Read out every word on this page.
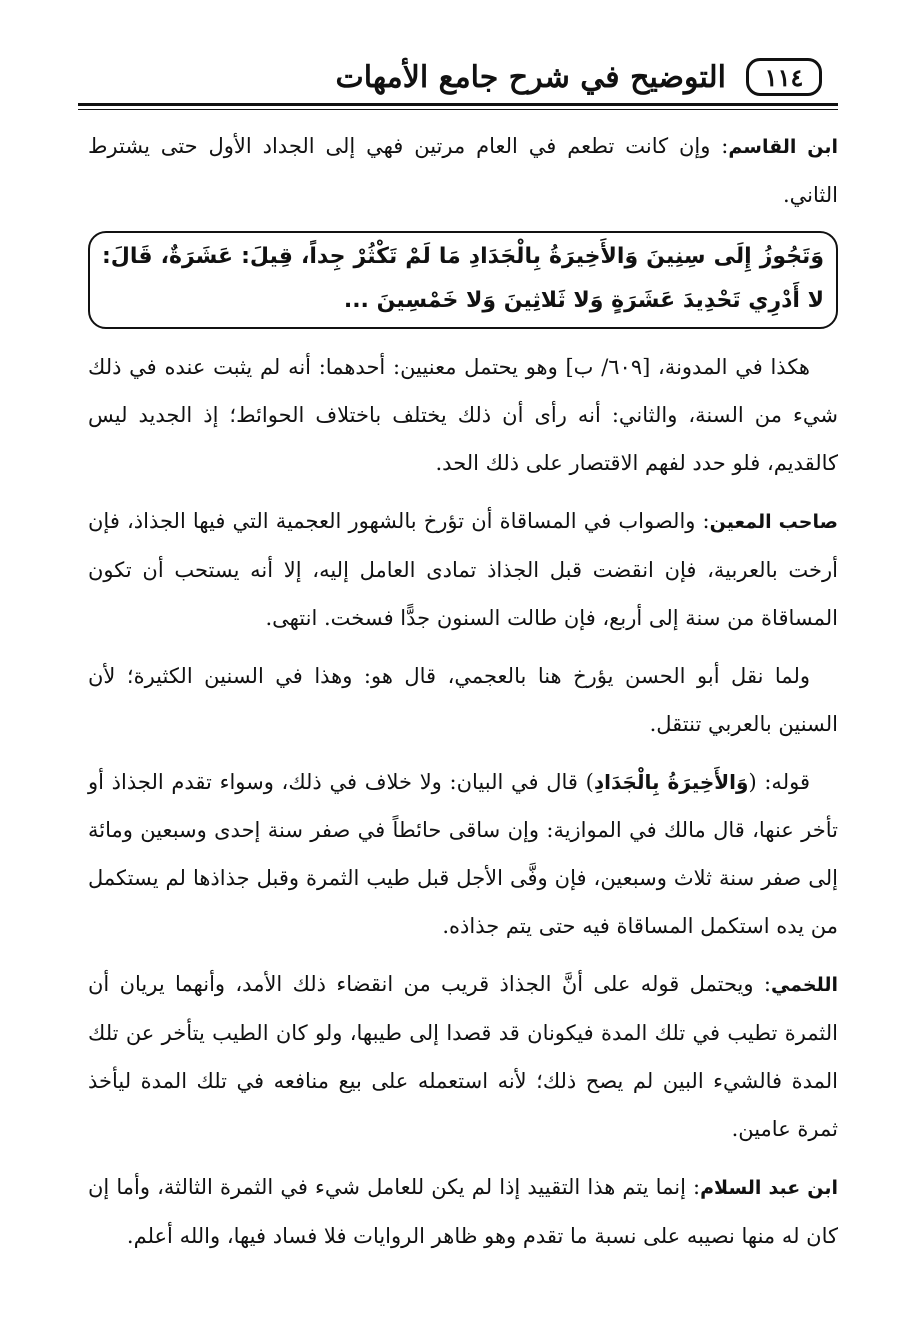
١١٤
التوضيح في شرح جامع الأمهات

ابن القاسم: وإن كانت تطعم في العام مرتين فهي إلى الجداد الأول حتى يشترط الثاني.

وَتَجُوزُ إِلَى سِنِينَ وَالأَخِيرَةُ بِالْجَدَادِ مَا لَمْ تَكْثُرْ جِداً، قِيلَ: عَشَرَةٌ، قَالَ: لا أَدْرِي تَحْدِيدَ عَشَرَةٍ وَلا ثَلاثِينَ وَلا خَمْسِينَ ...

هكذا في المدونة، [٦٠٩/ ب] وهو يحتمل معنيين: أحدهما: أنه لم يثبت عنده في ذلك شيء من السنة، والثاني: أنه رأى أن ذلك يختلف باختلاف الحوائط؛ إذ الجديد ليس كالقديم، فلو حدد لفهم الاقتصار على ذلك الحد.

صاحب المعين: والصواب في المساقاة أن تؤرخ بالشهور العجمية التي فيها الجذاذ، فإن أرخت بالعربية، فإن انقضت قبل الجذاذ تمادى العامل إليه، إلا أنه يستحب أن تكون المساقاة من سنة إلى أربع، فإن طالت السنون جدًّا فسخت. انتهى.

ولما نقل أبو الحسن يؤرخ هنا بالعجمي، قال هو: وهذا في السنين الكثيرة؛ لأن السنين بالعربي تنتقل.

قوله: (وَالأَخِيرَةُ بِالْجَدَادِ) قال في البيان: ولا خلاف في ذلك، وسواء تقدم الجذاذ أو تأخر عنها، قال مالك في الموازية: وإن ساقى حائطاً في صفر سنة إحدى وسبعين ومائة إلى صفر سنة ثلاث وسبعين، فإن وفَّى الأجل قبل طيب الثمرة وقبل جذاذها لم يستكمل من يده استكمل المساقاة فيه حتى يتم جذاذه.

اللخمي: ويحتمل قوله على أنَّ الجذاذ قريب من انقضاء ذلك الأمد، وأنهما يريان أن الثمرة تطيب في تلك المدة فيكونان قد قصدا إلى طيبها، ولو كان الطيب يتأخر عن تلك المدة فالشيء البين لم يصح ذلك؛ لأنه استعمله على بيع منافعه في تلك المدة ليأخذ ثمرة عامين.

ابن عبد السلام: إنما يتم هذا التقييد إذا لم يكن للعامل شيء في الثمرة الثالثة، وأما إن كان له منها نصيبه على نسبة ما تقدم وهو ظاهر الروايات فلا فساد فيها، والله أعلم.
